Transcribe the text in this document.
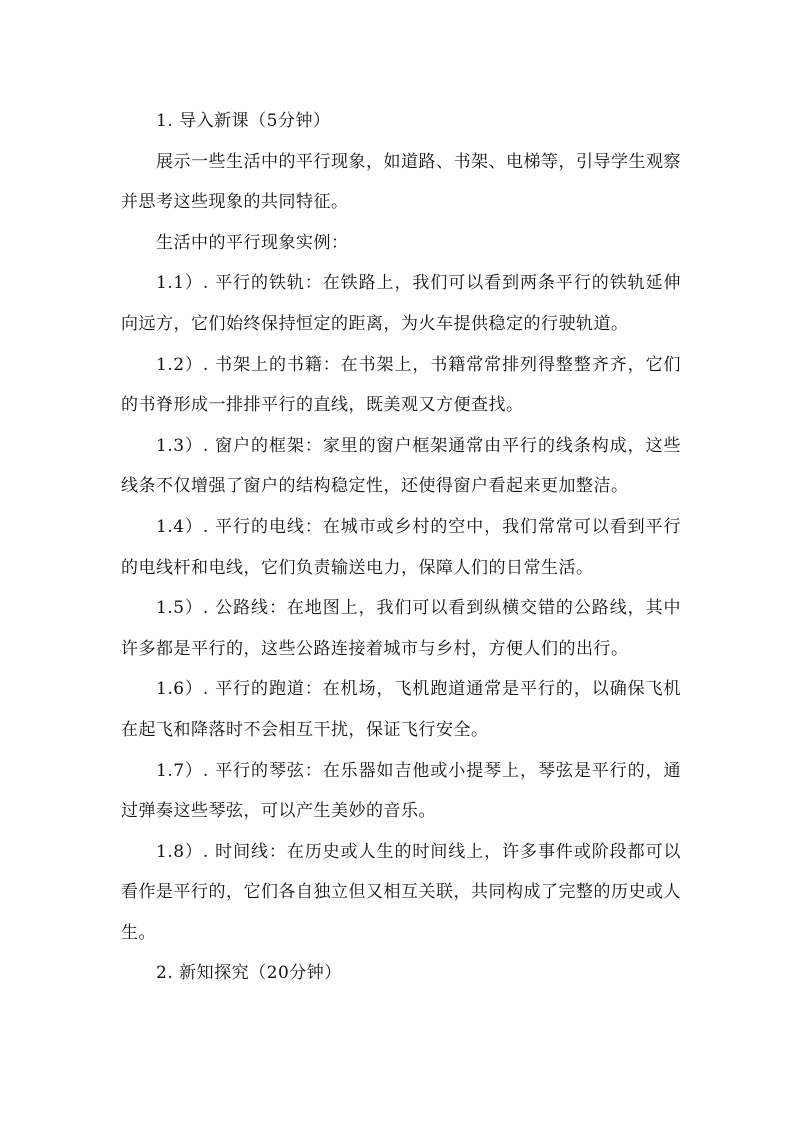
1. 导入新课（5分钟）

展示一些生活中的平行现象，如道路、书架、电梯等，引导学生观察并思考这些现象的共同特征。

生活中的平行现象实例：

1.1）. 平行的铁轨：在铁路上，我们可以看到两条平行的铁轨延伸向远方，它们始终保持恒定的距离，为火车提供稳定的行驶轨道。

1.2）. 书架上的书籍：在书架上，书籍常常排列得整整齐齐，它们的书脊形成一排排平行的直线，既美观又方便查找。

1.3）. 窗户的框架：家里的窗户框架通常由平行的线条构成，这些线条不仅增强了窗户的结构稳定性，还使得窗户看起来更加整洁。

1.4）. 平行的电线：在城市或乡村的空中，我们常常可以看到平行的电线杆和电线，它们负责输送电力，保障人们的日常生活。

1.5）. 公路线：在地图上，我们可以看到纵横交错的公路线，其中许多都是平行的，这些公路连接着城市与乡村，方便人们的出行。

1.6）. 平行的跑道：在机场，飞机跑道通常是平行的，以确保飞机在起飞和降落时不会相互干扰，保证飞行安全。

1.7）. 平行的琴弦：在乐器如吉他或小提琴上，琴弦是平行的，通过弹奏这些琴弦，可以产生美妙的音乐。

1.8）. 时间线：在历史或人生的时间线上，许多事件或阶段都可以看作是平行的，它们各自独立但又相互关联，共同构成了完整的历史或人生。

2. 新知探究（20分钟）
